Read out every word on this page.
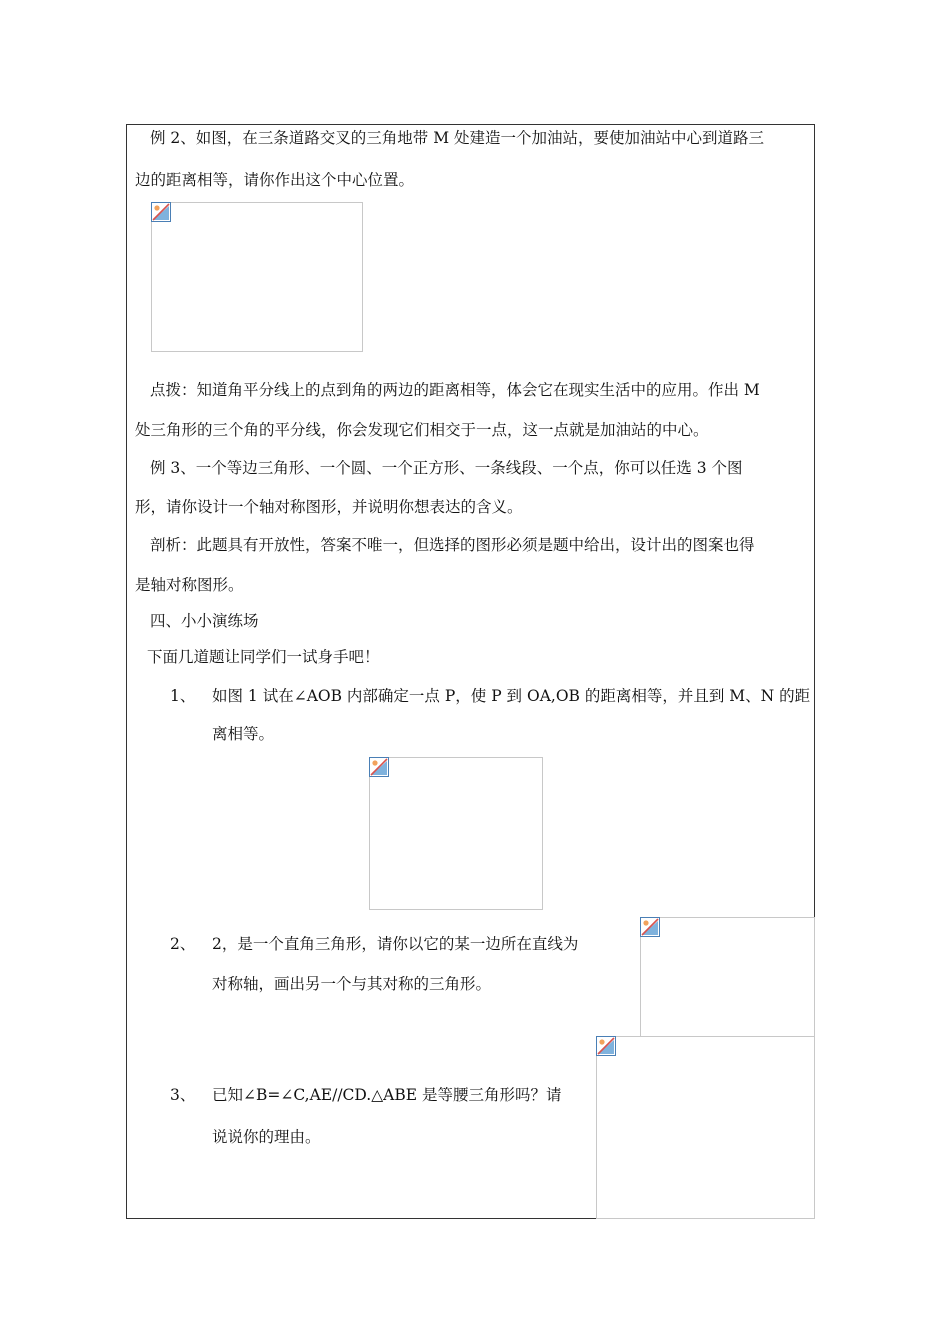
例 2、如图，在三条道路交叉的三角地带 M 处建造一个加油站，要使加油站中心到道路三
边的距离相等，请你作出这个中心位置。
点拨：知道角平分线上的点到角的两边的距离相等，体会它在现实生活中的应用。作出 M
处三角形的三个角的平分线，你会发现它们相交于一点，这一点就是加油站的中心。
例 3、一个等边三角形、一个圆、一个正方形、一条线段、一个点，你可以任选 3 个图
形，请你设计一个轴对称图形，并说明你想表达的含义。
剖析：此题具有开放性，答案不唯一，但选择的图形必须是题中给出，设计出的图案也得
是轴对称图形。
四、小小演练场
下面几道题让同学们一试身手吧！
1、 如图 1 试在∠AOB 内部确定一点 P，使 P 到 OA,OB 的距离相等，并且到 M、N 的距
离相等。
2、 2，是一个直角三角形，请你以它的某一边所在直线为
对称轴，画出另一个与其对称的三角形。
3、 已知∠B=∠C,AE//CD.△ABE 是等腰三角形吗？请
说说你的理由。
